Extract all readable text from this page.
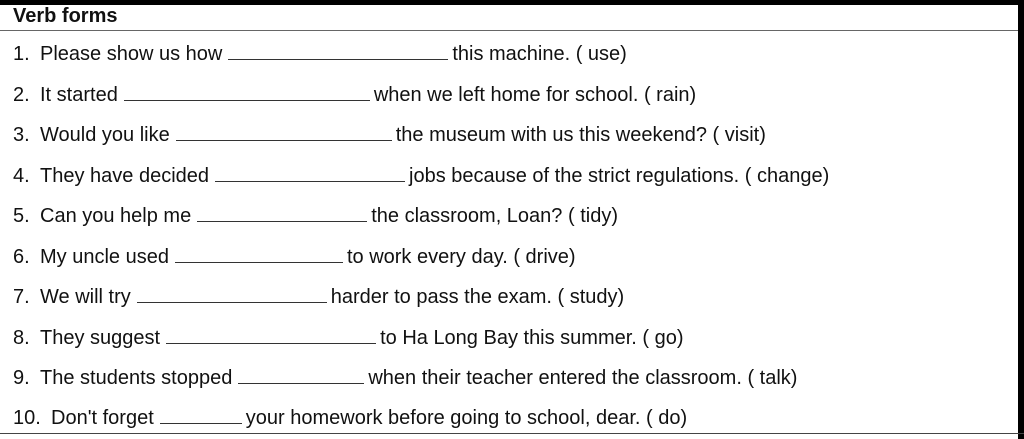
Verb forms
1. Please show us how	this machine. ( use)
2. It started	when we left home for school. ( rain)
3. Would you like	the museum with us this weekend? ( visit)
4. They have decided	jobs because of the strict regulations. ( change)
5. Can you help me	the classroom, Loan? ( tidy)
6. My uncle used	to work every day. ( drive)
7. We will try	harder to pass the exam. ( study)
8. They suggest	to Ha Long Bay this summer. ( go)
9. The students stopped	when their teacher entered the classroom. ( talk)
10. Don't forget	your homework before going to school, dear. ( do)
